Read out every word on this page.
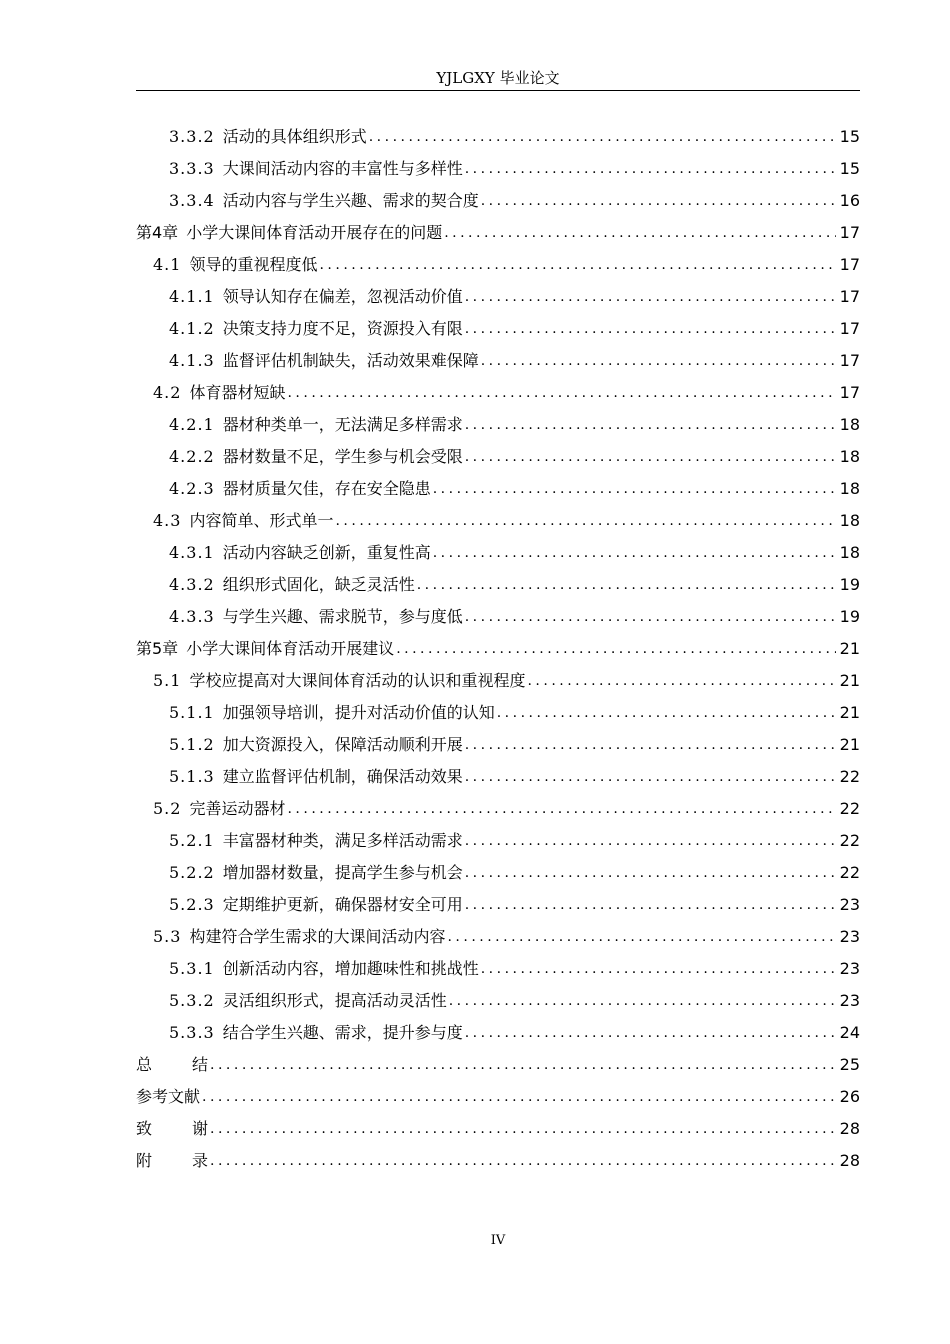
YJLGXY 毕业论文
3.3.2 活动的具体组织形式 .....	15
3.3.3 大课间活动内容的丰富性与多样性 .....	15
3.3.4 活动内容与学生兴趣、需求的契合度 .....	16
第4章 小学大课间体育活动开展存在的问题 .....	17
4.1 领导的重视程度低 .....	17
4.1.1 领导认知存在偏差，忽视活动价值 .....	17
4.1.2 决策支持力度不足，资源投入有限 .....	17
4.1.3 监督评估机制缺失，活动效果难保障 .....	17
4.2 体育器材短缺 .....	17
4.2.1 器材种类单一，无法满足多样需求 .....	18
4.2.2 器材数量不足，学生参与机会受限 .....	18
4.2.3 器材质量欠佳，存在安全隐患 .....	18
4.3 内容简单、形式单一 .....	18
4.3.1 活动内容缺乏创新，重复性高 .....	18
4.3.2 组织形式固化，缺乏灵活性 .....	19
4.3.3 与学生兴趣、需求脱节，参与度低 .....	19
第5章 小学大课间体育活动开展建议 .....	21
5.1 学校应提高对大课间体育活动的认识和重视程度 .....	21
5.1.1 加强领导培训，提升对活动价值的认知 .....	21
5.1.2 加大资源投入，保障活动顺利开展 .....	21
5.1.3 建立监督评估机制，确保活动效果 .....	22
5.2 完善运动器材 .....	22
5.2.1 丰富器材种类，满足多样活动需求 .....	22
5.2.2 增加器材数量，提高学生参与机会 .....	22
5.2.3 定期维护更新，确保器材安全可用 .....	23
5.3 构建符合学生需求的大课间活动内容 .....	23
5.3.1 创新活动内容，增加趣味性和挑战性 .....	23
5.3.2 灵活组织形式，提高活动灵活性 .....	23
5.3.3 结合学生兴趣、需求，提升参与度 .....	24
总结 .....	25
参考文献 .....	26
致谢 .....	28
附录 .....	28
IV
